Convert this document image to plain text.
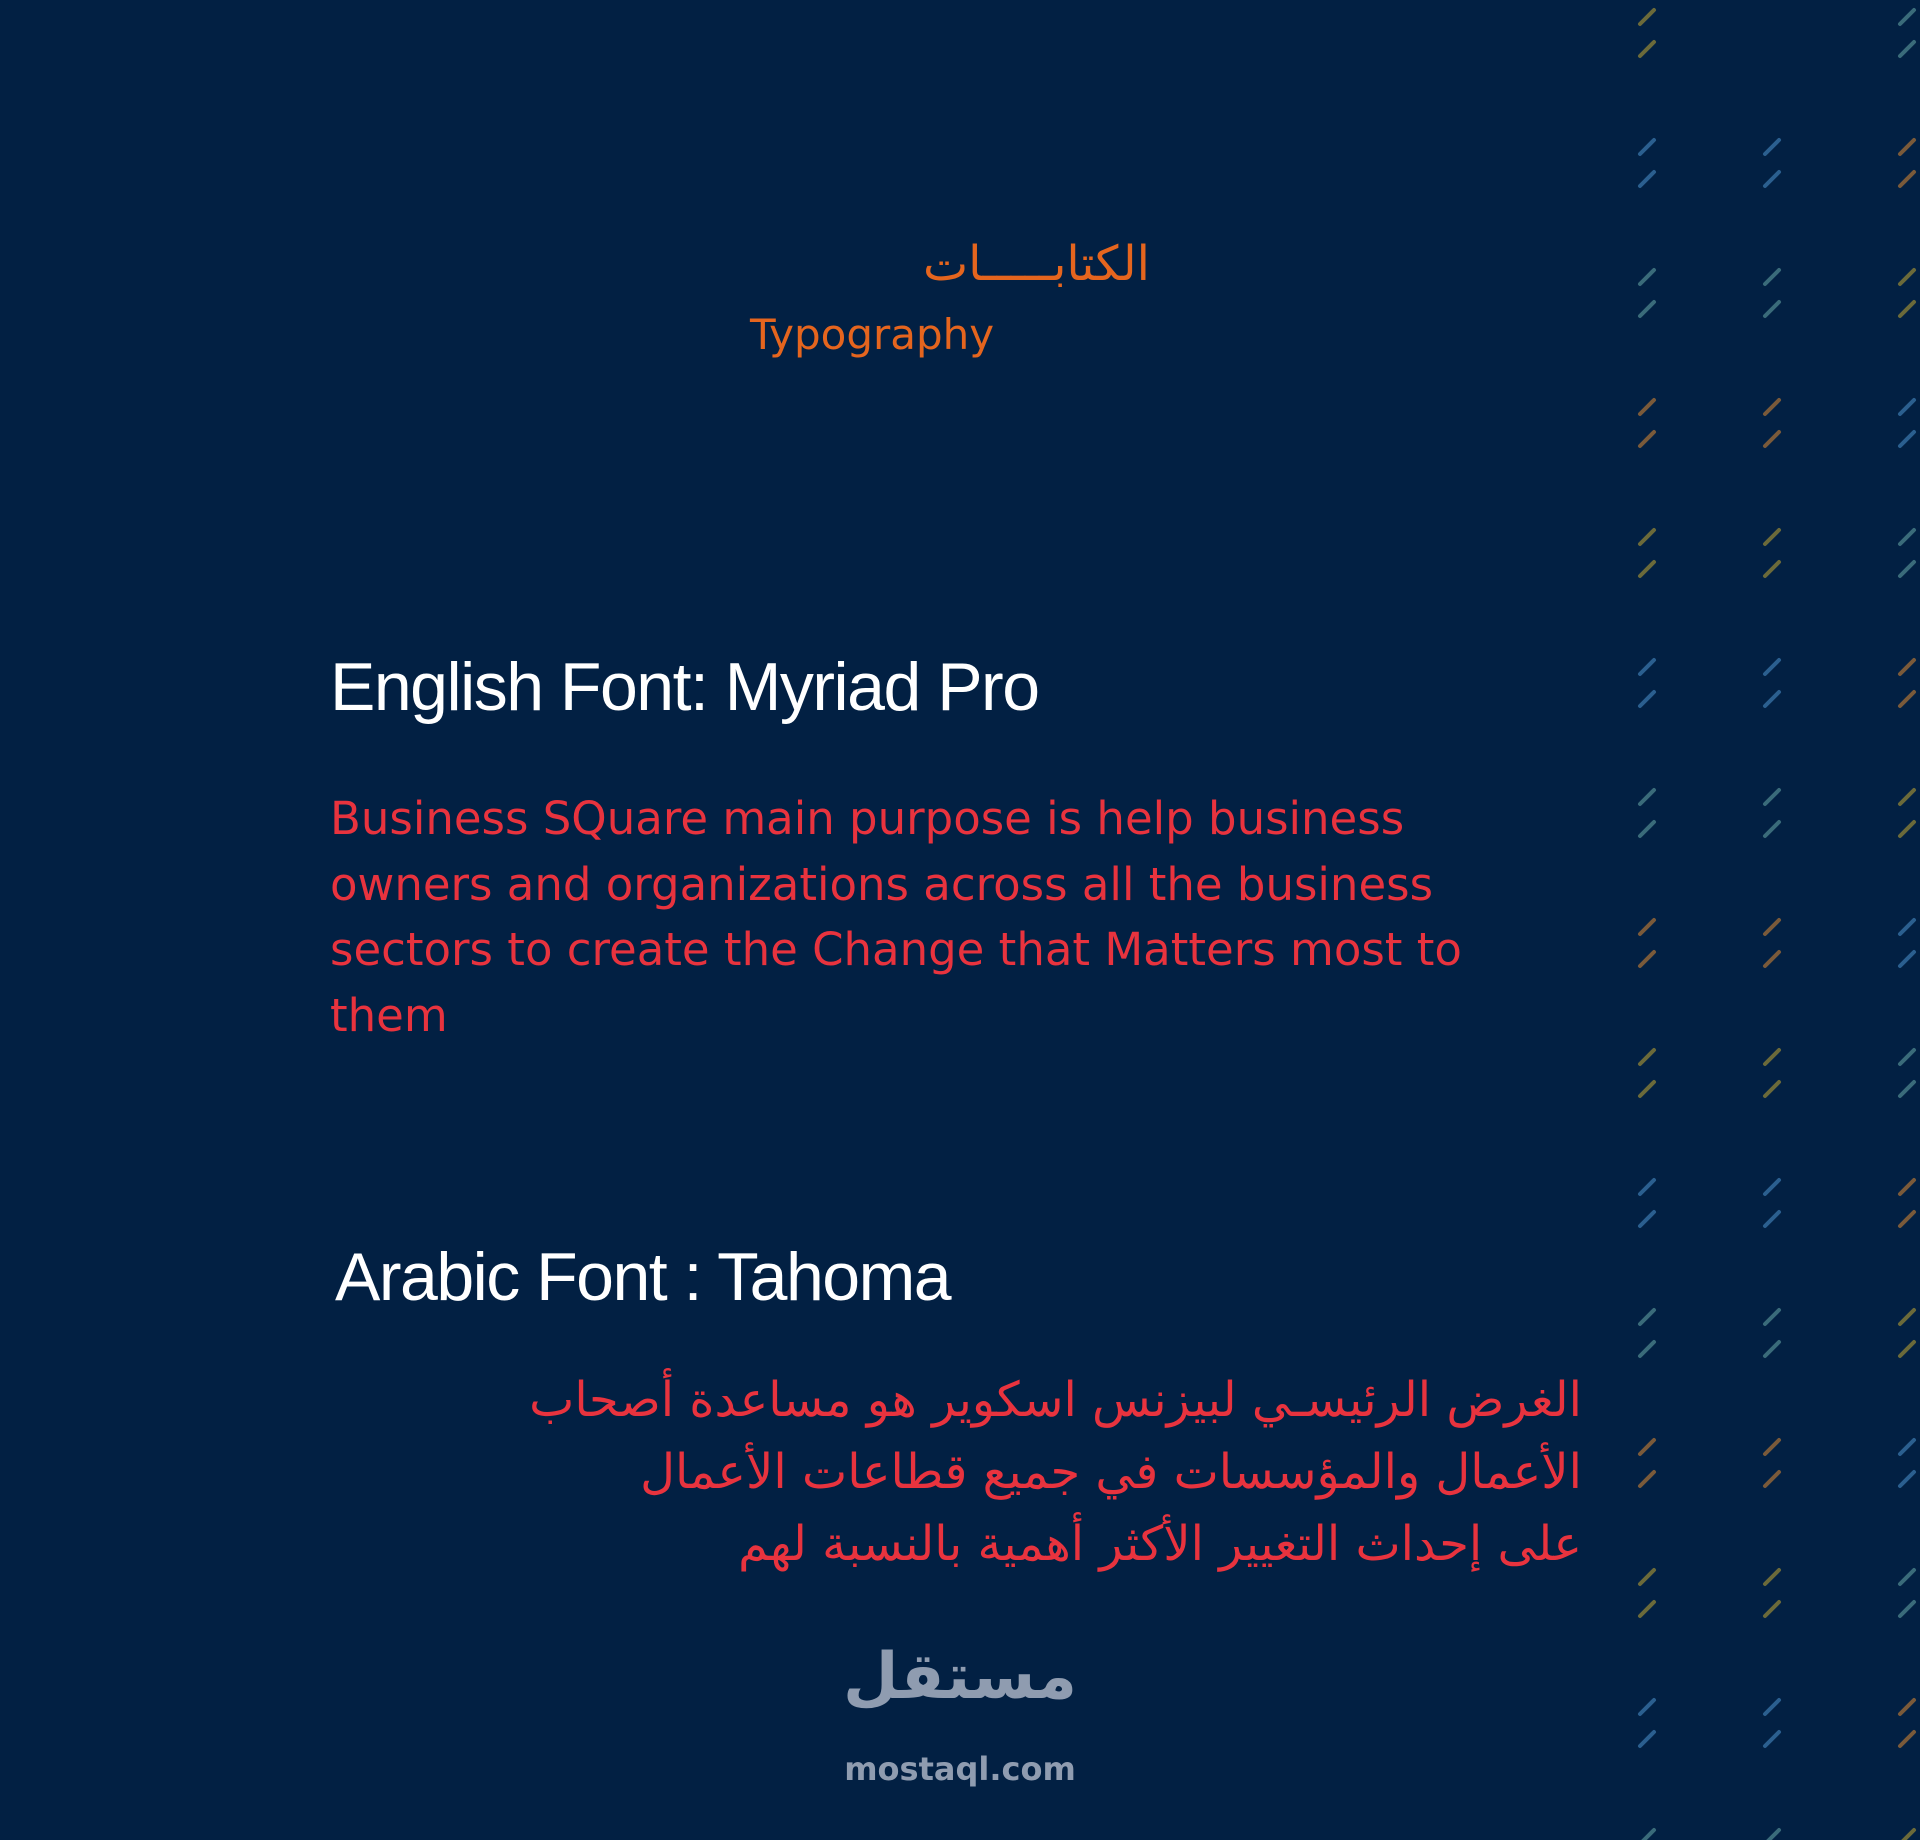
الكتابـــــات
Typography
English Font: Myriad Pro
Business SQuare main purpose is help business
owners and organizations across all the business
sectors to create the Change that Matters most to
them
Arabic Font : Tahoma
الغرض الرئيسـي لبيزنس اسكوير هو مساعدة أصحاب
الأعمال والمؤسسات في جميع قطاعات الأعمال
على إحداث التغيير الأكثر أهمية بالنسبة لهم
مستقل
mostaql.com
